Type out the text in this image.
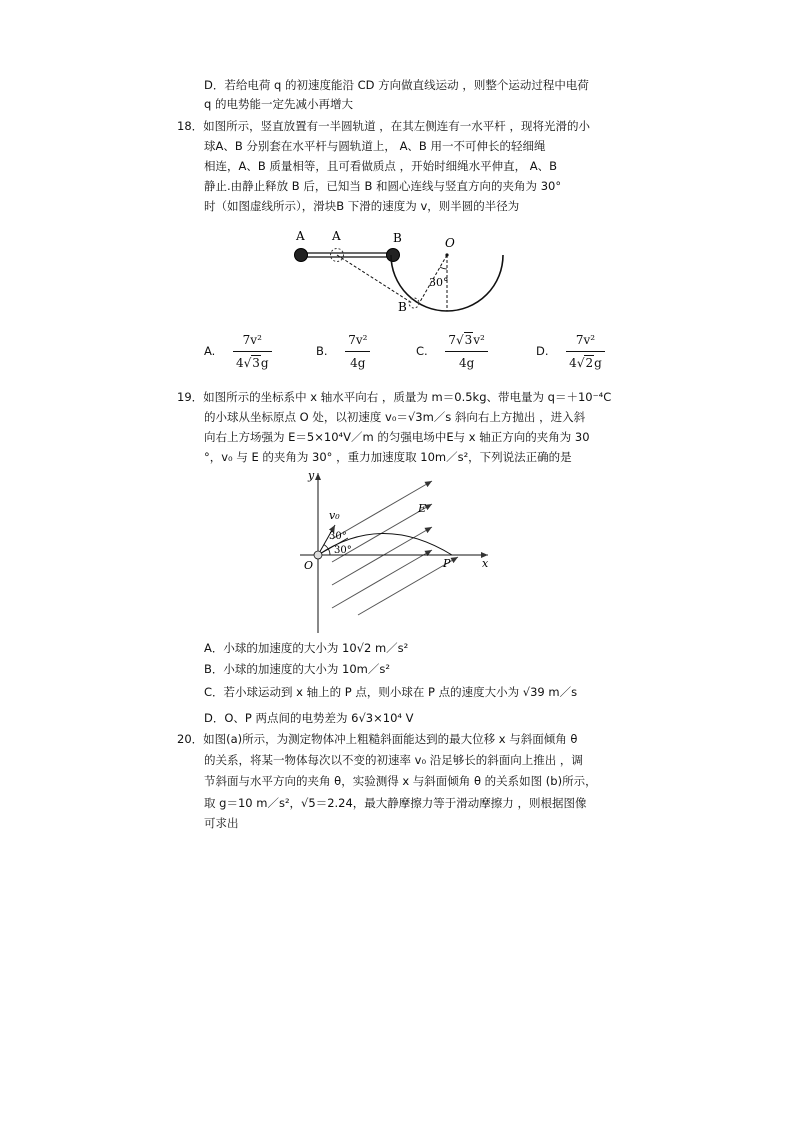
D．若给电荷 q 的初速度能沿 CD 方向做直线运动 ，则整个运动过程中电荷
q 的电势能一定先减小再增大
18．如图所示，竖直放置有一半圆轨道 ，在其左侧连有一水平杆 ，现将光滑的小
球A、B 分别套在水平杆与圆轨道上， A、B 用一不可伸长的轻细绳
相连，A、B 质量相等，且可看做质点 ，开始时细绳水平伸直， A、B
静止.由静止释放 B 后，已知当 B 和圆心连线与竖直方向的夹角为 30°
时（如图虚线所示），滑块B 下滑的速度为 v，则半圆的半径为
A A	B	O
30°
B
A. $\frac{\text{7v²}}{4√3g}$	B. $\frac{\text{7v²}}{4g}$	C. $\frac{\text{7√3v²}}{4g}$	D. $\frac{\text{7v²}}{4√2g}$
19．如图所示的坐标系中 x 轴水平向右 ，质量为 m＝0.5kg、带电量为 q＝＋10⁻⁴C
的小球从坐标原点 O 处，以初速度 v₀＝√3m／s 斜向右上方抛出 ，进入斜
向右上方场强为 E＝5×10⁴V／m 的匀强电场中E与 x 轴正方向的夹角为 30
°，v₀ 与 E 的夹角为 30° ，重力加速度取 10m／s²，下列说法正确的是
y
x
O	P
E
v₀
30°
30°
A．小球的加速度的大小为 10√2 m／s²
B．小球的加速度的大小为 10m／s²
C．若小球运动到 x 轴上的 P 点，则小球在 P 点的速度大小为 √39 m／s
D．O、P 两点间的电势差为 6√3×10⁴ V
20．如图(a)所示，为测定物体冲上粗糙斜面能达到的最大位移 x 与斜面倾角 θ
的关系，将某一物体每次以不变的初速率 v₀ 沿足够长的斜面向上推出 ，调
节斜面与水平方向的夹角 θ，实验测得 x 与斜面倾角 θ 的关系如图 (b)所示，
取 g＝10 m／s²，√5＝2.24，最大静摩擦力等于滑动摩擦力 ，则根据图像
可求出
